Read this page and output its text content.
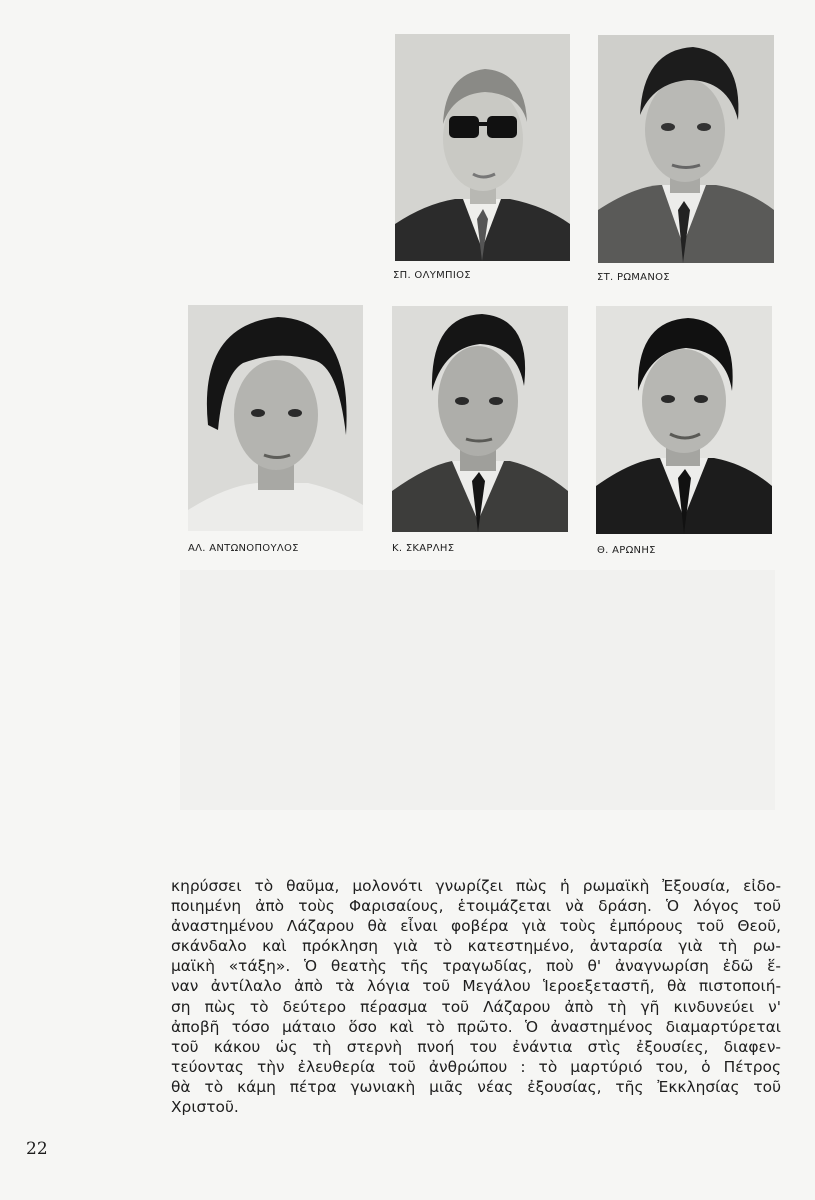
ΣΠ. ΟΛΥΜΠΙΟΣ	ΣΤ. ΡΩΜΑΝΟΣ
ΑΛ. ΑΝΤΩΝΟΠΟΥΛΟΣ	Κ. ΣΚΑΡΛΗΣ	Θ. ΑΡΩΝΗΣ

κηρύσσει τὸ θαῦμα, μολονότι γνωρίζει πὼς ἡ ρωμαϊκὴ Ἐξουσία, εἰδο-
ποιημένη ἀπὸ τοὺς Φαρισαίους, ἑτοιμάζεται νὰ δράση. Ὁ λόγος τοῦ
ἀναστημένου Λάζαρου θὰ εἶναι φοβέρα γιὰ τοὺς ἐμπόρους τοῦ Θεοῦ,
σκάνδαλο καὶ πρόκληση γιὰ τὸ κατεστημένο, ἀνταρσία γιὰ τὴ ρω-
μαϊκὴ «τάξη». Ὁ θεατὴς τῆς τραγωδίας, ποὺ θ' ἀναγνωρίση ἐδῶ ἕ-
ναν ἀντίλαλο ἀπὸ τὰ λόγια τοῦ Μεγάλου Ἱεροεξεταστῆ, θὰ πιστοποιή-
ση πὼς τὸ δεύτερο πέρασμα τοῦ Λάζαρου ἀπὸ τὴ γῆ κινδυνεύει ν'
ἀποβῆ τόσο μάταιο ὅσο καὶ τὸ πρῶτο. Ὁ ἀναστημένος διαμαρτύρεται
τοῦ κάκου ὡς τὴ στερνὴ πνοή του ἐνάντια στὶς ἐξουσίες, διαφεν-
τεύοντας τὴν ἐλευθερία τοῦ ἀνθρώπου : τὸ μαρτύριό του, ὁ Πέτρος
θὰ τὸ κάμη πέτρα γωνιακὴ μιᾶς νέας ἐξουσίας, τῆς Ἐκκλησίας τοῦ
Χριστοῦ.

22
